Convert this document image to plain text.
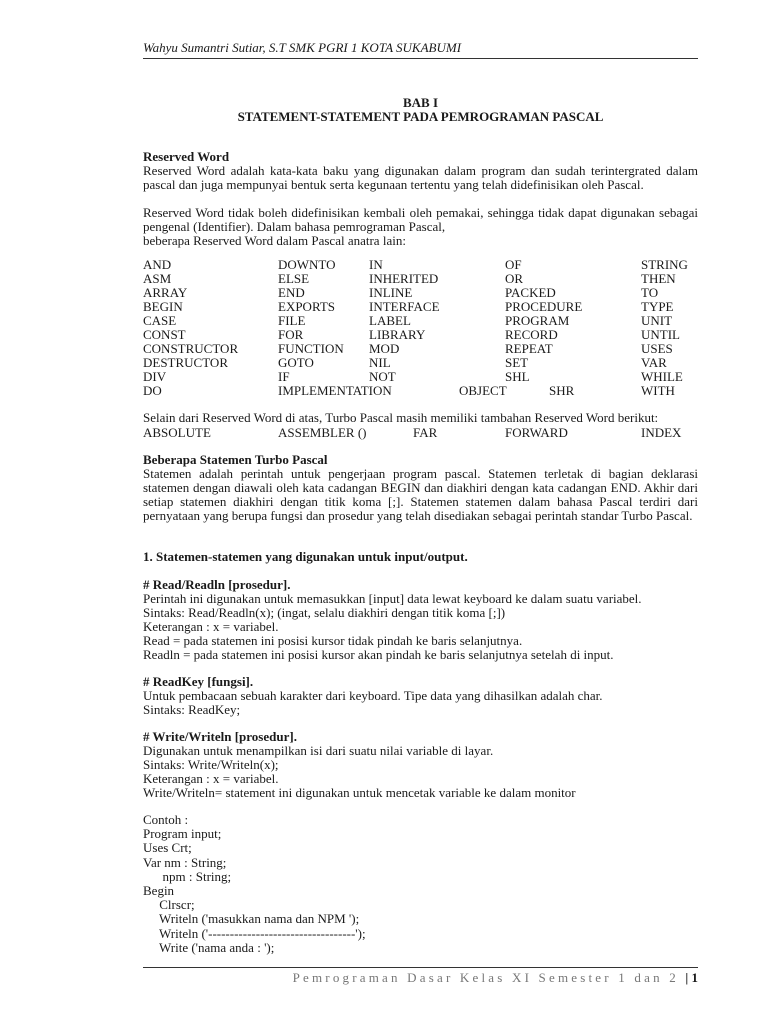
Wahyu Sumantri Sutiar, S.T SMK PGRI 1 KOTA SUKABUMI
BAB I
STATEMENT-STATEMENT PADA PEMROGRAMAN PASCAL
Reserved Word
Reserved Word adalah kata-kata baku yang digunakan dalam program dan sudah terintergrated dalam pascal dan juga mempunyai bentuk serta kegunaan tertentu yang telah didefinisikan oleh Pascal.
Reserved Word tidak boleh didefinisikan kembali oleh pemakai, sehingga tidak dapat digunakan sebagai pengenal (Identifier). Dalam bahasa pemrograman Pascal,
beberapa Reserved Word dalam Pascal anatra lain:
AND	DOWNTO	IN	OF	STRING
ASM	ELSE	INHERITED	OR	THEN
ARRAY	END	INLINE	PACKED	TO
BEGIN	EXPORTS	INTERFACE	PROCEDURE	TYPE
CASE	FILE	LABEL	PROGRAM	UNIT
CONST	FOR	LIBRARY	RECORD	UNTIL
CONSTRUCTOR	FUNCTION MOD	REPEAT	USES
DESTRUCTOR	GOTO	NIL	SET	VAR
DIV	IF	NOT	SHL	WHILE
DO	IMPLEMENTATION	OBJECT	SHR	WITH
Selain dari Reserved Word di atas, Turbo Pascal masih memiliki tambahan Reserved Word berikut:
ABSOLUTE	ASSEMBLER ()	FAR	FORWARD	INDEX
Beberapa Statemen Turbo Pascal
Statemen adalah perintah untuk pengerjaan program pascal. Statemen terletak di bagian deklarasi statemen dengan diawali oleh kata cadangan BEGIN dan diakhiri dengan kata cadangan END. Akhir dari setiap statemen diakhiri dengan titik koma [;]. Statemen statemen dalam bahasa Pascal terdiri dari pernyataan yang berupa fungsi dan prosedur yang telah disediakan sebagai perintah standar Turbo Pascal.
1. Statemen-statemen yang digunakan untuk input/output.
# Read/Readln [prosedur].
Perintah ini digunakan untuk memasukkan [input] data lewat keyboard ke dalam suatu variabel.
Sintaks: Read/Readln(x); (ingat, selalu diakhiri dengan titik koma [;])
Keterangan : x = variabel.
Read = pada statemen ini posisi kursor tidak pindah ke baris selanjutnya.
Readln = pada statemen ini posisi kursor akan pindah ke baris selanjutnya setelah di input.
# ReadKey [fungsi].
Untuk pembacaan sebuah karakter dari keyboard. Tipe data yang dihasilkan adalah char.
Sintaks: ReadKey;
# Write/Writeln [prosedur].
Digunakan untuk menampilkan isi dari suatu nilai variable di layar.
Sintaks: Write/Writeln(x);
Keterangan : x = variabel.
Write/Writeln= statement ini digunakan untuk mencetak variable ke dalam monitor
Contoh :
Program input;
Uses Crt;
Var nm : String;
npm : String;
Begin
Clrscr;
Writeln ('masukkan nama dan NPM ');
Writeln ('----------------------------------');
Write ('nama anda : ');
Pemrograman Dasar Kelas XI Semester 1 dan 2 | 1
